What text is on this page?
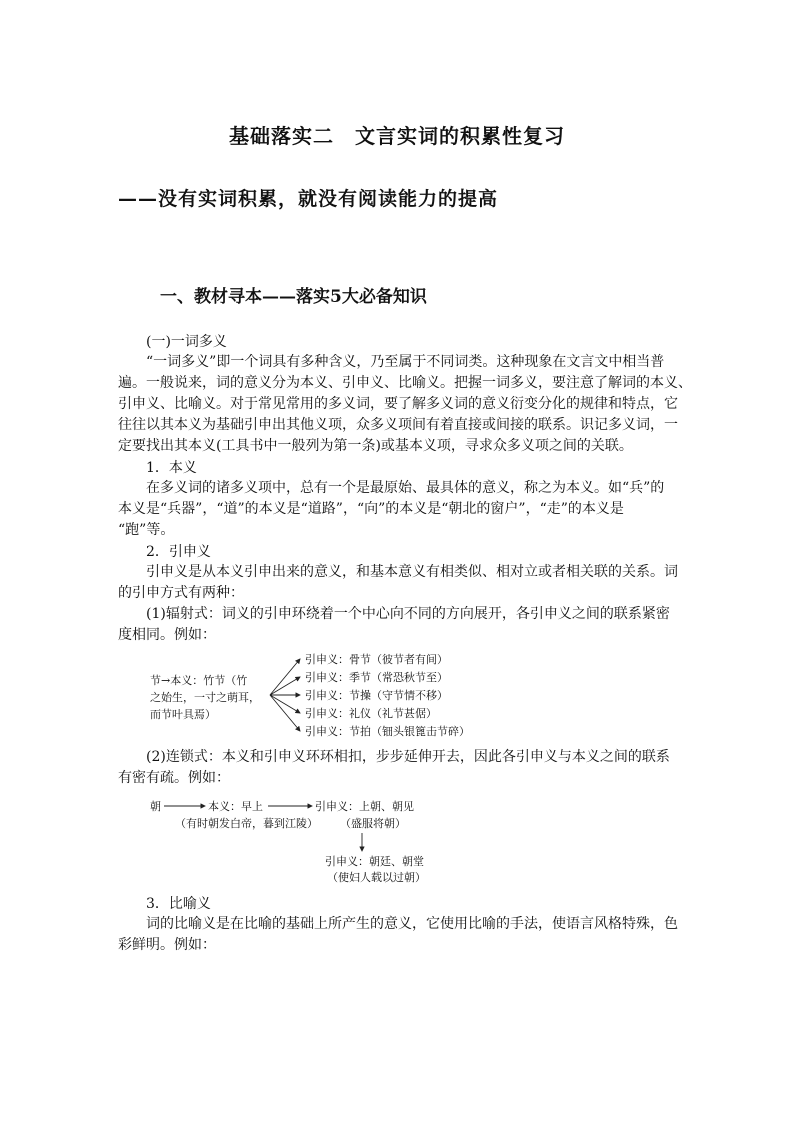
基础落实二　文言实词的积累性复习
——没有实词积累，就没有阅读能力的提高
一、教材寻本——落实5大必备知识
(一)一词多义
“一词多义”即一个词具有多种含义，乃至属于不同词类。这种现象在文言文中相当普
遍。一般说来，词的意义分为本义、引申义、比喻义。把握一词多义，要注意了解词的本义、
引申义、比喻义。对于常见常用的多义词，要了解多义词的意义衍变分化的规律和特点，它
往往以其本义为基础引申出其他义项，众多义项间有着直接或间接的联系。识记多义词，一
定要找出其本义(工具书中一般列为第一条)或基本义项，寻求众多义项之间的关联。
1．本义
在多义词的诸多义项中，总有一个是最原始、最具体的意义，称之为本义。如“兵”的
本义是“兵器”，“道”的本义是“道路”，“向”的本义是“朝北的窗户”，“走”的本义是
“跑”等。
2．引申义
引申义是从本义引申出来的意义，和基本意义有相类似、相对立或者相关联的关系。词
的引申方式有两种：
(1)辐射式：词义的引申环绕着一个中心向不同的方向展开，各引申义之间的联系紧密
度相同。例如：
节→本义：竹节（竹
之始生，一寸之萌耳，
而节叶具焉）
引申义：骨节（彼节者有间）
引申义：季节（常恐秋节至）
引申义：节操（守节情不移）
引申义：礼仪（礼节甚倨）
引申义：节拍（钿头银篦击节碎）
(2)连锁式：本义和引申义环环相扣，步步延伸开去，因此各引申义与本义之间的联系
有密有疏。例如：
朝	本义：早上
（有时朝发白帝，暮到江陵）
引申义：上朝、朝见
（盛服将朝）
引申义：朝廷、朝堂
（使妇人载以过朝）
3．比喻义
词的比喻义是在比喻的基础上所产生的意义，它使用比喻的手法，使语言风格特殊，色
彩鲜明。例如：
